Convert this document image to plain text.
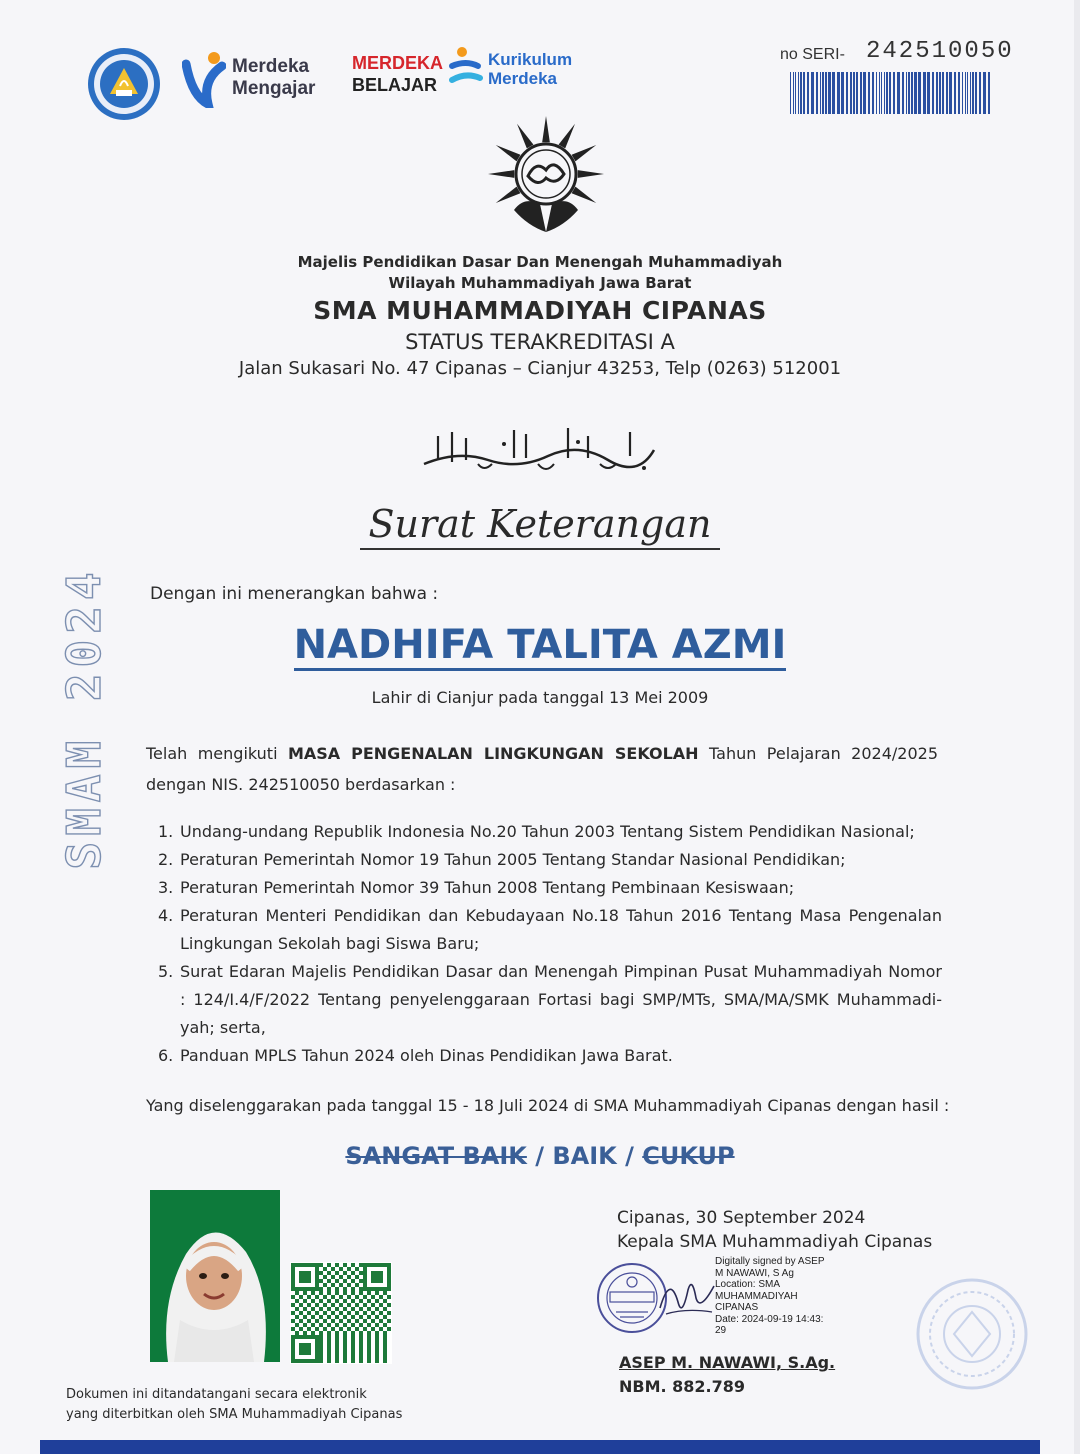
Merdeka
Mengajar
MERDEKA
BELAJAR
Kurikulum
Merdeka
no SERI- 242510050
Majelis Pendidikan Dasar Dan Menengah Muhammadiyah
Wilayah Muhammadiyah Jawa Barat
SMA MUHAMMADIYAH CIPANAS
STATUS TERAKREDITASI A
Jalan Sukasari No. 47 Cipanas – Cianjur 43253, Telp (0263) 512001
Surat Keterangan
SMAM 2024 Dengan ini menerangkan bahwa :
NADHIFA TALITA AZMI
Lahir di Cianjur pada tanggal 13 Mei 2009
Telah mengikuti MASA PENGENALAN LINGKUNGAN SEKOLAH Tahun Pelajaran 2024/2025 dengan NIS. 242510050 berdasarkan :
1. Undang-undang Republik Indonesia No.20 Tahun 2003 Tentang Sistem Pendidikan Nasional;
2. Peraturan Pemerintah Nomor 19 Tahun 2005 Tentang Standar Nasional Pendidikan;
3. Peraturan Pemerintah Nomor 39 Tahun 2008 Tentang Pembinaan Kesiswaan;
4. Peraturan Menteri Pendidikan dan Kebudayaan No.18 Tahun 2016 Tentang Masa Pengenalan Lingkungan Sekolah bagi Siswa Baru;
5. Surat Edaran Majelis Pendidikan Dasar dan Menengah Pimpinan Pusat Muhammadiyah Nomor : 124/I.4/F/2022 Tentang penyelenggaraan Fortasi bagi SMP/MTs, SMA/MA/SMK Muhammadi-yah; serta,
6. Panduan MPLS Tahun 2024 oleh Dinas Pendidikan Jawa Barat.
Yang diselenggarakan pada tanggal 15 - 18 Juli 2024 di SMA Muhammadiyah Cipanas dengan hasil :
SANGAT BAIK / BAIK / CUKUP
Cipanas, 30 September 2024
Kepala SMA Muhammadiyah Cipanas
Digitally signed by ASEP
M NAWAWI, S Ag
Location: SMA
MUHAMMADIYAH
CIPANAS
Date: 2024-09-19 14:43:
29
ASEP M. NAWAWI, S.Ag.
NBM. 882.789
Dokumen ini ditandatangani secara elektronik
yang diterbitkan oleh SMA Muhammadiyah Cipanas
